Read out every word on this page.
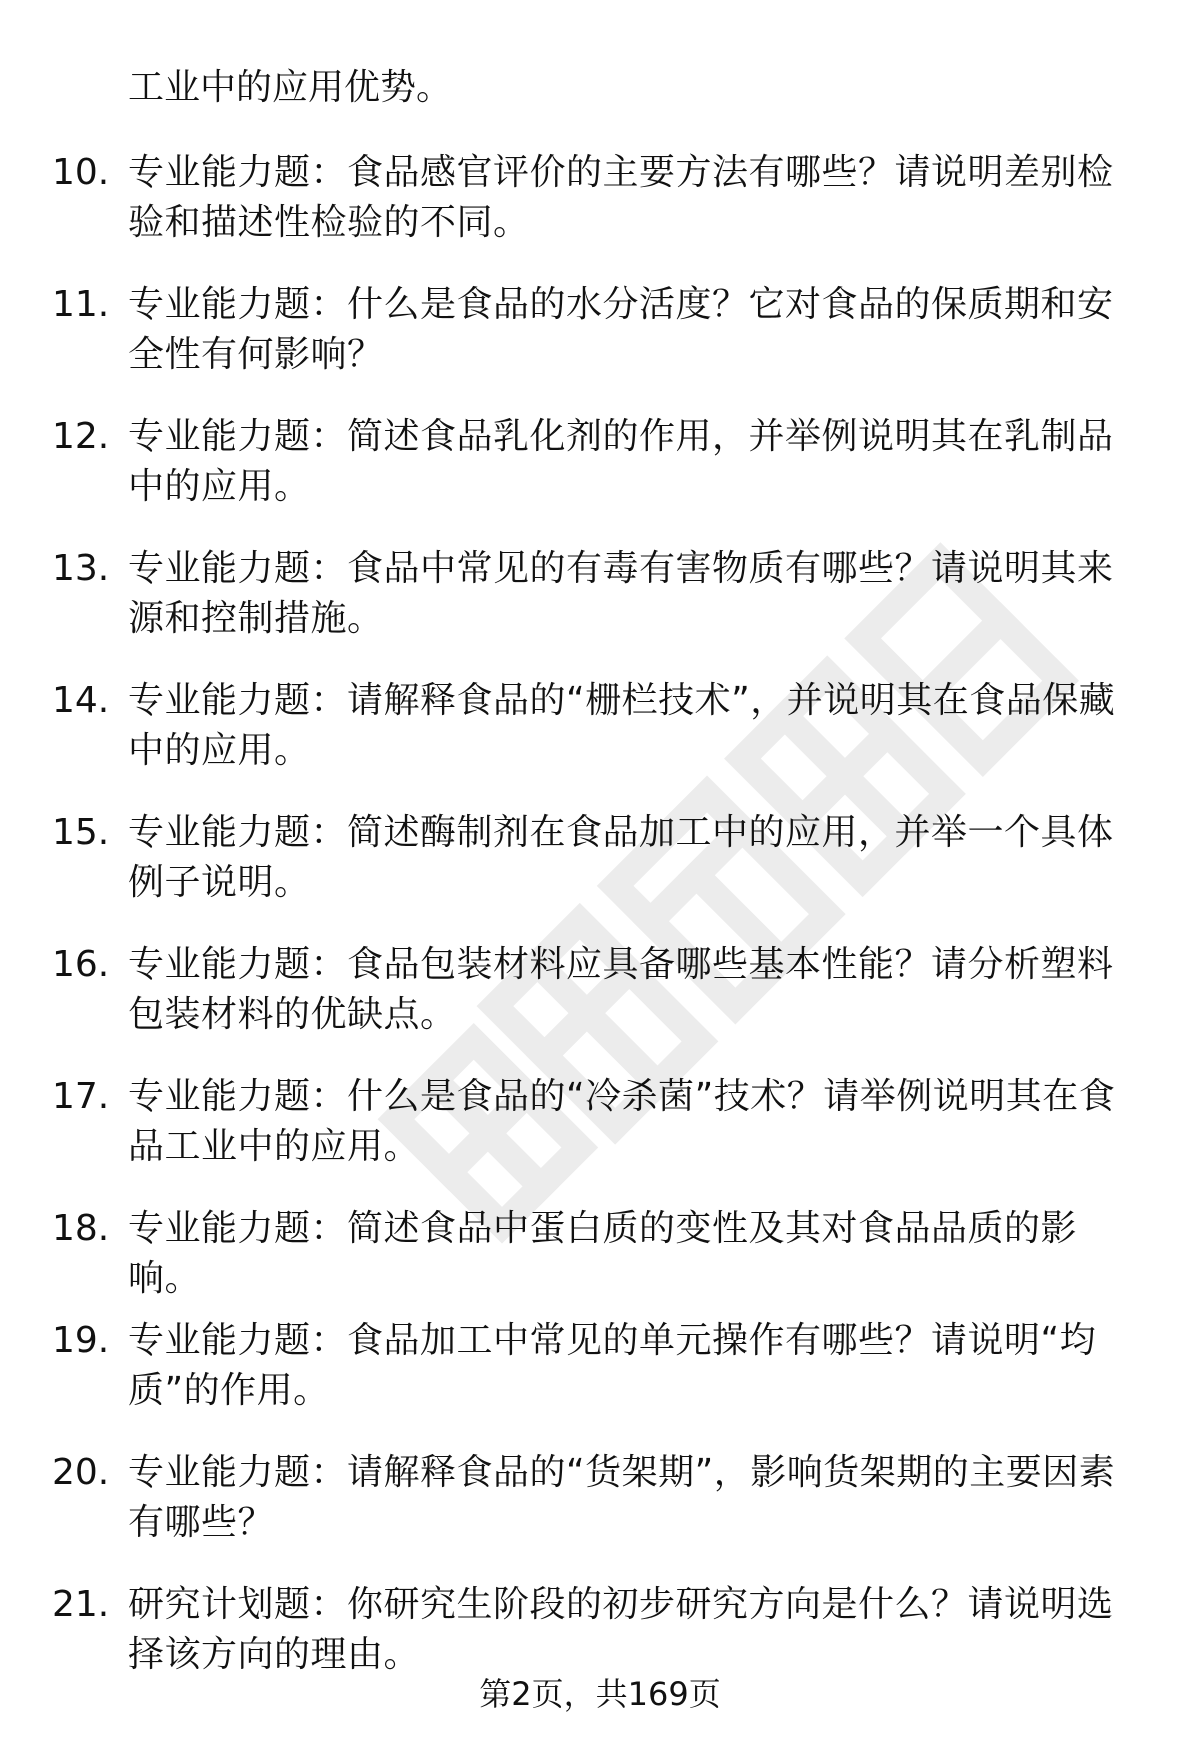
工业中的应用优势。
10. 专业能力题：食品感官评价的主要方法有哪些？请说明差别检验和描述性检验的不同。
11. 专业能力题：什么是食品的水分活度？它对食品的保质期和安全性有何影响？
12. 专业能力题：简述食品乳化剂的作用，并举例说明其在乳制品中的应用。
13. 专业能力题：食品中常见的有毒有害物质有哪些？请说明其来源和控制措施。
14. 专业能力题：请解释食品的“栅栏技术”，并说明其在食品保藏中的应用。
15. 专业能力题：简述酶制剂在食品加工中的应用，并举一个具体例子说明。
16. 专业能力题：食品包装材料应具备哪些基本性能？请分析塑料包装材料的优缺点。
17. 专业能力题：什么是食品的“冷杀菌”技术？请举例说明其在食品工业中的应用。
18. 专业能力题：简述食品中蛋白质的变性及其对食品品质的影响。
19. 专业能力题：食品加工中常见的单元操作有哪些？请说明“均质”的作用。
20. 专业能力题：请解释食品的“货架期”，影响货架期的主要因素有哪些？
21. 研究计划题：你研究生阶段的初步研究方向是什么？请说明选择该方向的理由。
第2页，共169页
